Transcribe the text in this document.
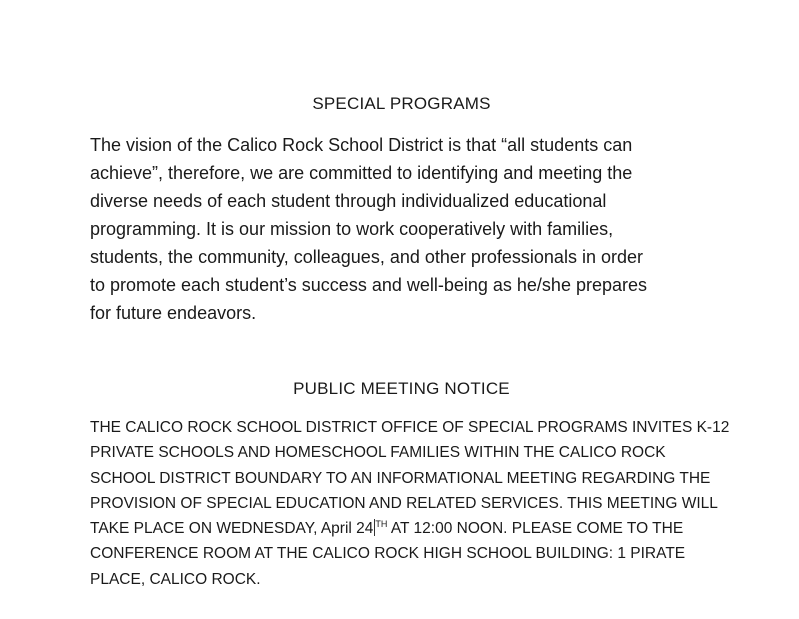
SPECIAL PROGRAMS
The vision of the Calico Rock School District is that “all students can
achieve”, therefore, we are committed to identifying and meeting the
diverse needs of each student through individualized educational
programming. It is our mission to work cooperatively with families,
students, the community, colleagues, and other professionals in order
to promote each student’s success and well-being as he/she prepares
for future endeavors.
PUBLIC MEETING NOTICE
THE CALICO ROCK SCHOOL DISTRICT OFFICE OF SPECIAL PROGRAMS INVITES K-12
PRIVATE SCHOOLS AND HOMESCHOOL FAMILIES WITHIN THE CALICO ROCK
SCHOOL DISTRICT BOUNDARY TO AN INFORMATIONAL MEETING REGARDING THE
PROVISION OF SPECIAL EDUCATION AND RELATED SERVICES. THIS MEETING WILL
TAKE PLACE ON WEDNESDAY, April 24 $^{TH}$ AT 12:00 NOON. PLEASE COME TO THE
CONFERENCE ROOM AT THE CALICO ROCK HIGH SCHOOL BUILDING: 1 PIRATE
PLACE, CALICO ROCK.
